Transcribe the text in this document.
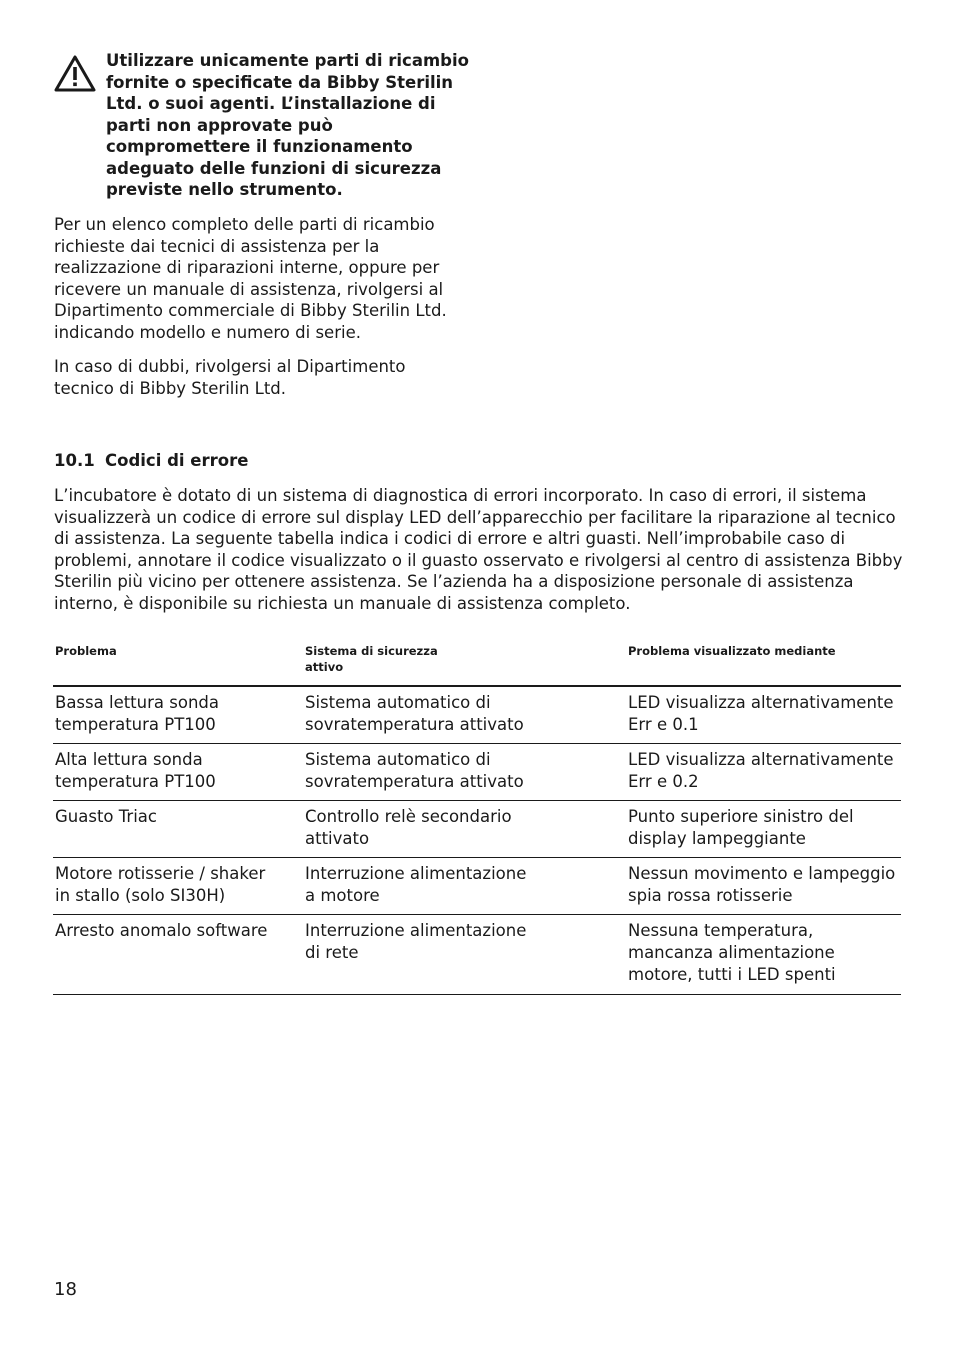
Utilizzare unicamente parti di ricambio fornite o specificate da Bibby Sterilin Ltd. o suoi agenti. L’installazione di parti non approvate può compromettere il funzionamento adeguato delle funzioni di sicurezza previste nello strumento.
Per un elenco completo delle parti di ricambio richieste dai tecnici di assistenza per la realizzazione di riparazioni interne, oppure per ricevere un manuale di assistenza, rivolgersi al Dipartimento commerciale di Bibby Sterilin Ltd. indicando modello e numero di serie.
In caso di dubbi, rivolgersi al Dipartimento tecnico di Bibby Sterilin Ltd.
10.1 Codici di errore
L’incubatore è dotato di un sistema di diagnostica di errori incorporato. In caso di errori, il sistema visualizzerà un codice di errore sul display LED dell’apparecchio per facilitare la riparazione al tecnico di assistenza. La seguente tabella indica i codici di errore e altri guasti. Nell’improbabile caso di problemi, annotare il codice visualizzato o il guasto osservato e rivolgersi al centro di assistenza Bibby Sterilin più vicino per ottenere assistenza. Se l’azienda ha a disposizione personale di assistenza interno, è disponibile su richiesta un manuale di assistenza completo.
Problema	Sistema di sicurezza attivo	Problema visualizzato mediante

Bassa lettura sonda temperatura PT100	Sistema automatico di sovratemperatura attivato	LED visualizza alternativamente Err e 0.1

Alta lettura sonda temperatura PT100	Sistema automatico di sovratemperatura attivato	LED visualizza alternativamente Err e 0.2

Guasto Triac	Controllo relè secondario attivato	Punto superiore sinistro del display lampeggiante

Motore rotisserie / shaker in stallo (solo SI30H)	Interruzione alimentazione a motore	Nessun movimento e lampeggio spia rossa rotisserie

Arresto anomalo software	Interruzione alimentazione di rete	Nessuna temperatura, mancanza alimentazione motore, tutti i LED spenti
18
